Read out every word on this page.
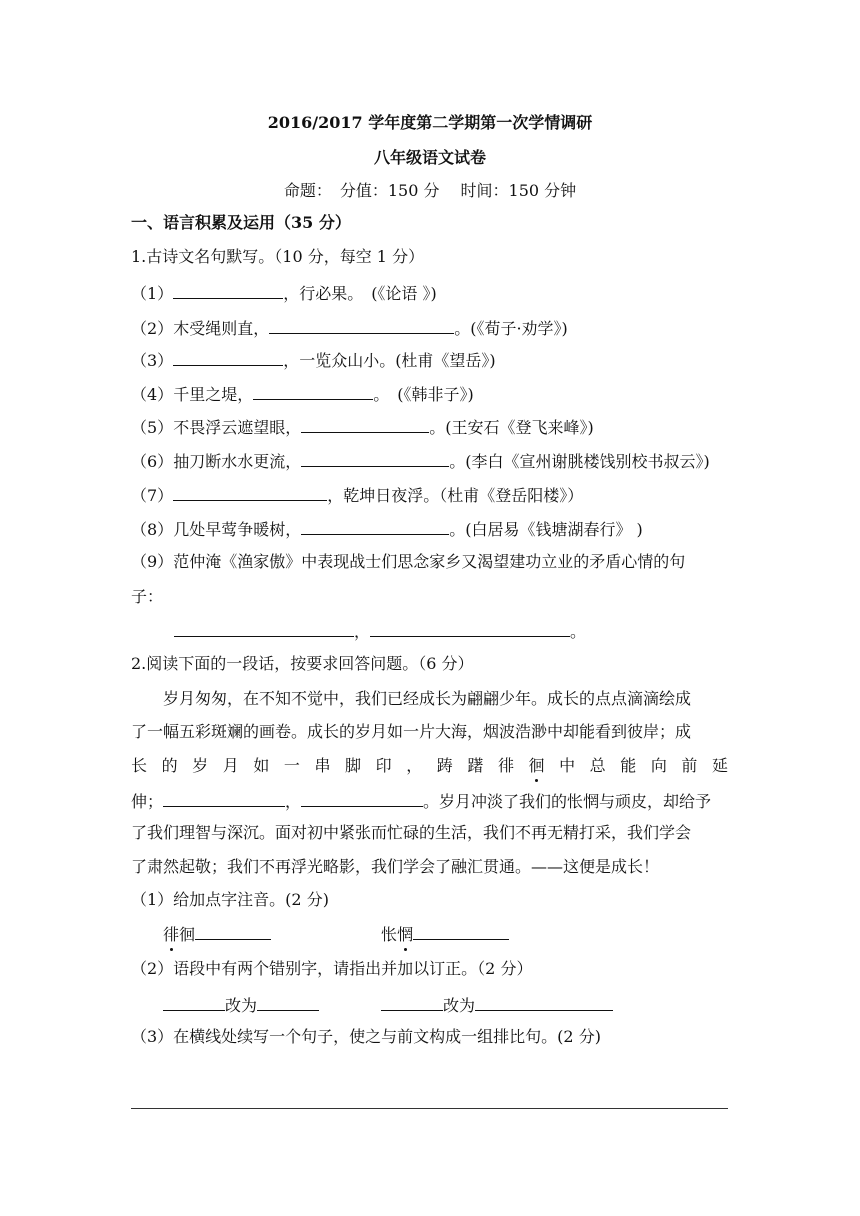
2016/2017 学年度第二学期第一次学情调研
八年级语文试卷
命题：　分值：150 分　 时间：150 分钟
一、语言积累及运用（35 分）
1.古诗文名句默写。（10 分，每空 1 分）
（1）	，行必果。　(《论语 》)
（2）木受绳则直，	。(《荀子·劝学》)
（3）	，一览众山小。(杜甫《望岳》)
（4）千里之堤，	。　(《韩非子》)
（5）不畏浮云遮望眼，	。(王安石《登飞来峰》)
（6）抽刀断水水更流，	。(李白《宣州谢朓楼饯别校书叔云》)
（7）	，乾坤日夜浮。（杜甫《登岳阳楼》）
（8）几处早莺争暖树，	。(白居易《钱塘湖春行》 )
（9）范仲淹《渔家傲》中表现战士们思念家乡又渴望建功立业的矛盾心情的句
子：
，	。
2.阅读下面的一段话，按要求回答问题。（6 分）
岁月匆匆，在不知不觉中，我们已经成长为翩翩少年。成长的点点滴滴绘成
了一幅五彩斑斓的画卷。成长的岁月如一片大海，烟波浩渺中却能看到彼岸；成
长 的 岁 月 如 一 串 脚 印 ， 踌 躇 徘 徊 中 总 能 向 前 延
伸；	，	。岁月冲淡了我们的怅惘与顽皮，却给予
了我们理智与深沉。面对初中紧张而忙碌的生活，我们不再无精打采，我们学会
了肃然起敬；我们不再浮光略影，我们学会了融汇贯通。——这便是成长！
（1）给加点字注音。(2 分)
徘徊	怅惘
（2）语段中有两个错别字，请指出并加以订正。（2 分）
改为	改为
（3）在横线处续写一个句子，使之与前文构成一组排比句。(2 分)
